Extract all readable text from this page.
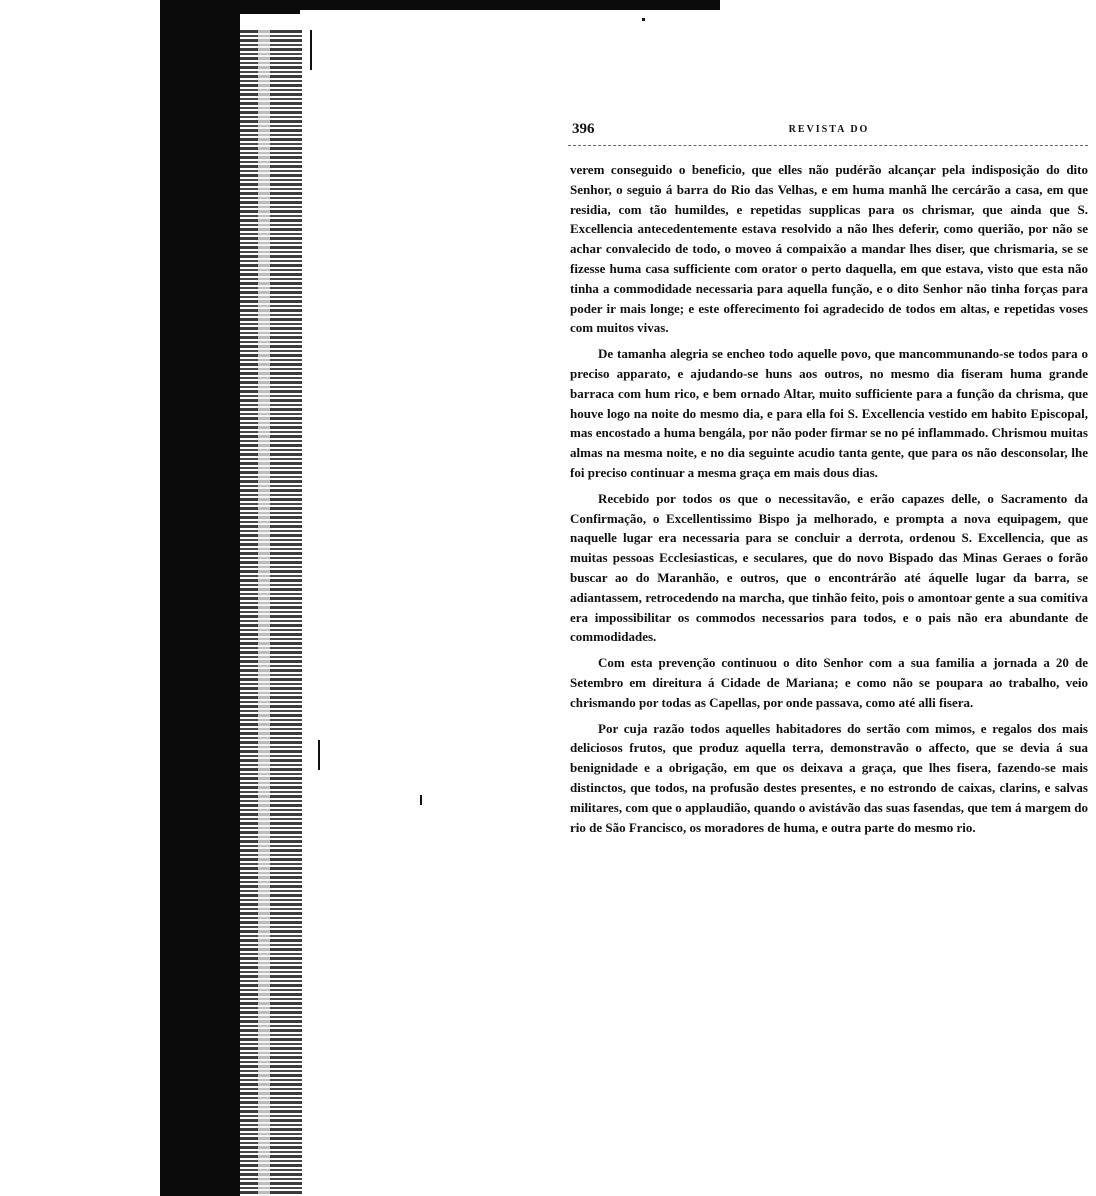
396	REVISTA DO

verem conseguido o beneficio, que elles não pudérão alcançar pela indisposição do dito Senhor, o seguio á barra do Rio das Velhas, e em huma manhã lhe cercárão a casa, em que residia, com tão humildes, e repetidas supplicas para os chrismar, que ainda que S. Excellencia antecedentemente estava resolvido a não lhes deferir, como querião, por não se achar convalecido de todo, o moveo á compaixão a mandar lhes diser, que chrismaria, se se fizesse huma casa sufficiente com orator o perto daquella, em que estava, visto que esta não tinha a commodidade necessaria para aquella função, e o dito Senhor não tinha forças para poder ir mais longe; e este offerecimento foi agradecido de todos em altas, e repetidas voses com muitos vivas.

De tamanha alegria se encheo todo aquelle povo, que mancommunando-se todos para o preciso apparato, e ajudando-se huns aos outros, no mesmo dia fiseram huma grande barraca com hum rico, e bem ornado Altar, muito sufficiente para a função da chrisma, que houve logo na noite do mesmo dia, e para ella foi S. Excellencia vestido em habito Episcopal, mas encostado a huma bengála, por não poder firmar se no pé inflammado. Chrismou muitas almas na mesma noite, e no dia seguinte acudio tanta gente, que para os não desconsolar, lhe foi preciso continuar a mesma graça em mais dous dias.

Recebido por todos os que o necessitavão, e erão capazes delle, o Sacramento da Confirmação, o Excellentissimo Bispo ja melhorado, e prompta a nova equipagem, que naquelle lugar era necessaria para se concluir a derrota, ordenou S. Excellencia, que as muitas pessoas Ecclesiasticas, e seculares, que do novo Bispado das Minas Geraes o forão buscar ao do Maranhão, e outros, que o encontrárão até áquelle lugar da barra, se adiantassem, retrocedendo na marcha, que tinhão feito, pois o amontoar gente a sua comitiva era impossibilitar os commodos necessarios para todos, e o pais não era abundante de commodidades.

Com esta prevenção continuou o dito Senhor com a sua familia a jornada a 20 de Setembro em direitura á Cidade de Mariana; e como não se poupara ao trabalho, veio chrismando por todas as Capellas, por onde passava, como até alli fisera.

Por cuja razão todos aquelles habitadores do sertão com mimos, e regalos dos mais deliciosos frutos, que produz aquella terra, demonstravão o affecto, que se devia á sua benignidade e a obrigação, em que os deixava a graça, que lhes fisera, fazendo-se mais distinctos, que todos, na profusão destes presentes, e no estrondo de caixas, clarins, e salvas militares, com que o applaudião, quando o avistávão das suas fasendas, que tem á margem do rio de São Francisco, os moradores de huma, e outra parte do mesmo rio.
